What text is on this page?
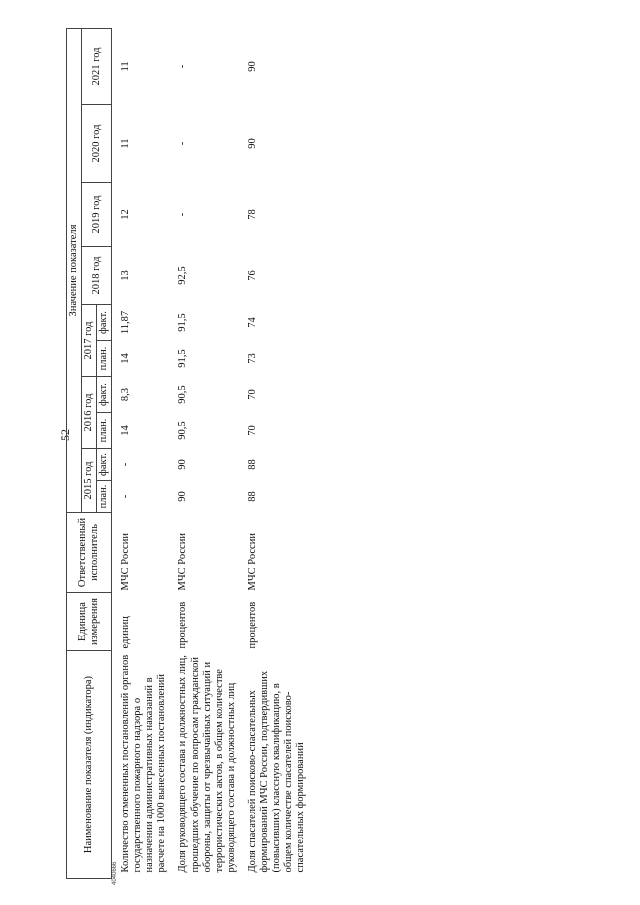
52
4040666
Наименование показателя (индикатора)	Единица измерения	Ответственный исполнитель	Значение показателя									
			2015 год		2016 год		2017 год		2018 год	2019 год	2020 год	2021 год
			план.	факт.	план.	факт.	план.	факт.				
Количество отмененных постановлений органов государственного пожарного надзора о назначении административных наказаний в расчете на 1000 вынесенных постановлений	единиц	МЧС России	-	-	14	8,3	14	11,87	13	12	11	11
Доля руководящего состава и должностных лиц, прошедших обучение по вопросам гражданской обороны, защиты от чрезвычайных ситуаций и террористических актов, в общем количестве руководящего состава и должностных лиц	процентов	МЧС России	90	90	90,5	90,5	91,5	91,5	92,5	-	-	-
Доля спасателей поисково-спасательных формирований МЧС России, подтвердивших (повысивших) классную квалификацию, в общем количестве спасателей поисково-спасательных формирований	процентов	МЧС России	88	88	70	70	73	74	76	78	90	90
